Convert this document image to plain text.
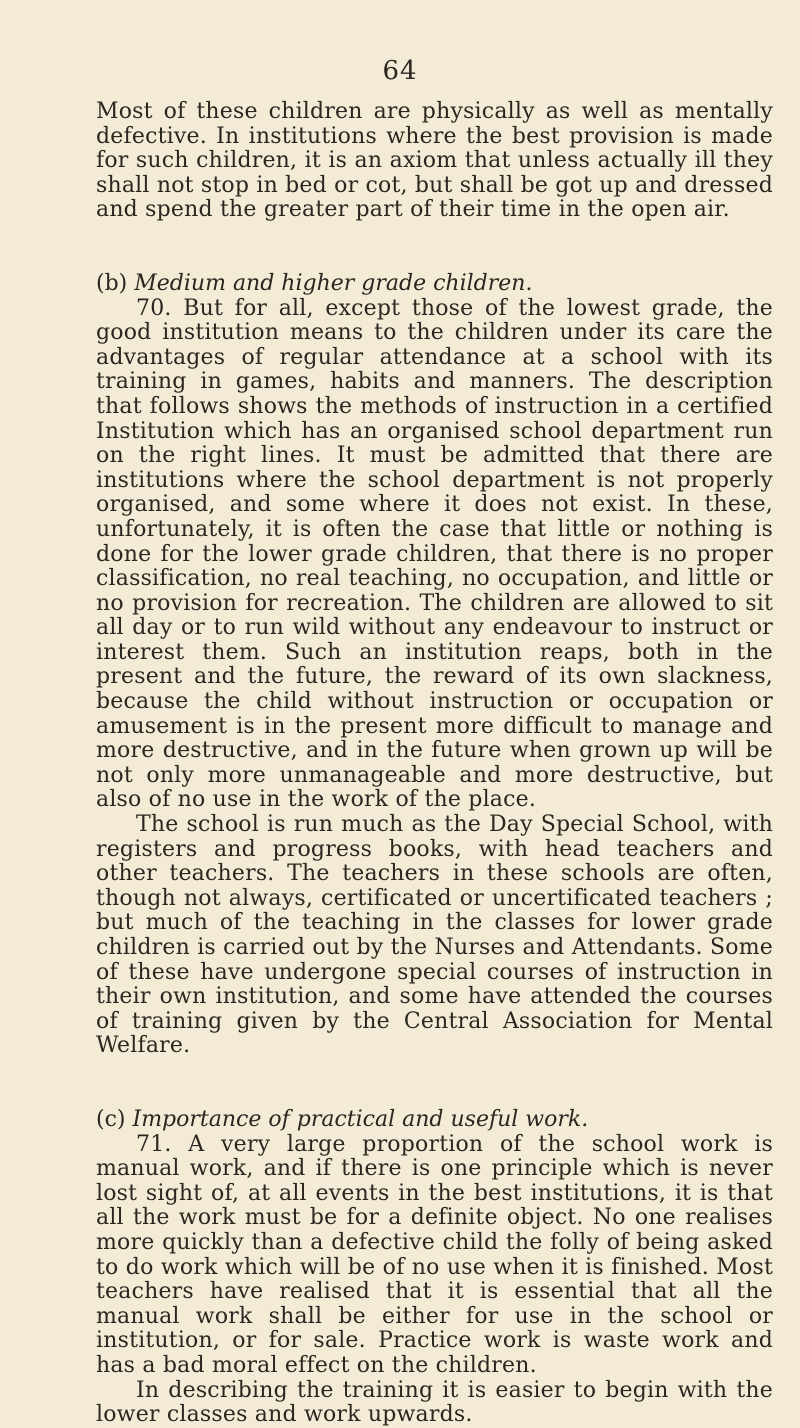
64

Most of these children are physically as well as mentally defective. In institutions where the best provision is made for such children, it is an axiom that unless actually ill they shall not stop in bed or cot, but shall be got up and dressed and spend the greater part of their time in the open air.

(b) Medium and higher grade children.

70. But for all, except those of the lowest grade, the good institution means to the children under its care the advantages of regular attendance at a school with its training in games, habits and manners. The description that follows shows the methods of instruction in a certified Institution which has an organised school department run on the right lines. It must be admitted that there are institutions where the school department is not properly organised, and some where it does not exist. In these, unfortunately, it is often the case that little or nothing is done for the lower grade children, that there is no proper classification, no real teaching, no occupation, and little or no provision for recreation. The children are allowed to sit all day or to run wild without any endeavour to instruct or interest them. Such an institution reaps, both in the present and the future, the reward of its own slackness, because the child without instruction or occupation or amusement is in the present more difficult to manage and more destructive, and in the future when grown up will be not only more unmanageable and more destructive, but also of no use in the work of the place.

The school is run much as the Day Special School, with registers and progress books, with head teachers and other teachers. The teachers in these schools are often, though not always, certificated or uncertificated teachers ; but much of the teaching in the classes for lower grade children is carried out by the Nurses and Attendants. Some of these have undergone special courses of instruction in their own institution, and some have attended the courses of training given by the Central Association for Mental Welfare.

(c) Importance of practical and useful work.

71. A very large proportion of the school work is manual work, and if there is one principle which is never lost sight of, at all events in the best institutions, it is that all the work must be for a definite object. No one realises more quickly than a defective child the folly of being asked to do work which will be of no use when it is finished. Most teachers have realised that it is essential that all the manual work shall be either for use in the school or institution, or for sale. Practice work is waste work and has a bad moral effect on the children.

In describing the training it is easier to begin with the lower classes and work upwards.
